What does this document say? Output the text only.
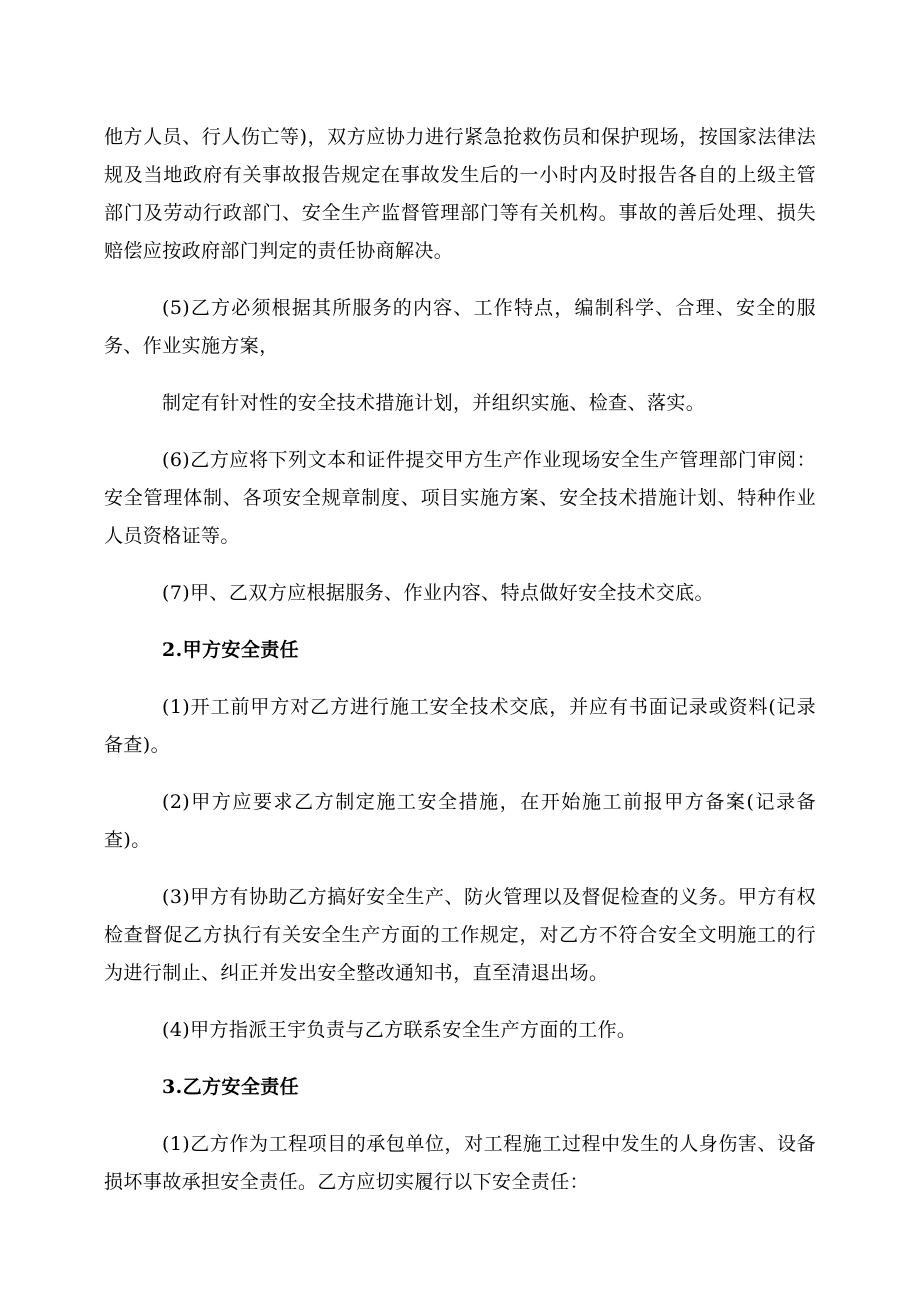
他方人员、行人伤亡等)，双方应协力进行紧急抢救伤员和保护现场，按国家法律法规及当地政府有关事故报告规定在事故发生后的一小时内及时报告各自的上级主管部门及劳动行政部门、安全生产监督管理部门等有关机构。事故的善后处理、损失赔偿应按政府部门判定的责任协商解决。

(5)乙方必须根据其所服务的内容、工作特点，编制科学、合理、安全的服务、作业实施方案，

制定有针对性的安全技术措施计划，并组织实施、检查、落实。

(6)乙方应将下列文本和证件提交甲方生产作业现场安全生产管理部门审阅：安全管理体制、各项安全规章制度、项目实施方案、安全技术措施计划、特种作业人员资格证等。

(7)甲、乙双方应根据服务、作业内容、特点做好安全技术交底。

2.甲方安全责任

(1)开工前甲方对乙方进行施工安全技术交底，并应有书面记录或资料(记录备查)。

(2)甲方应要求乙方制定施工安全措施，在开始施工前报甲方备案(记录备查)。

(3)甲方有协助乙方搞好安全生产、防火管理以及督促检查的义务。甲方有权检查督促乙方执行有关安全生产方面的工作规定，对乙方不符合安全文明施工的行为进行制止、纠正并发出安全整改通知书，直至清退出场。

(4)甲方指派王宇负责与乙方联系安全生产方面的工作。

3.乙方安全责任

(1)乙方作为工程项目的承包单位，对工程施工过程中发生的人身伤害、设备损坏事故承担安全责任。乙方应切实履行以下安全责任：
